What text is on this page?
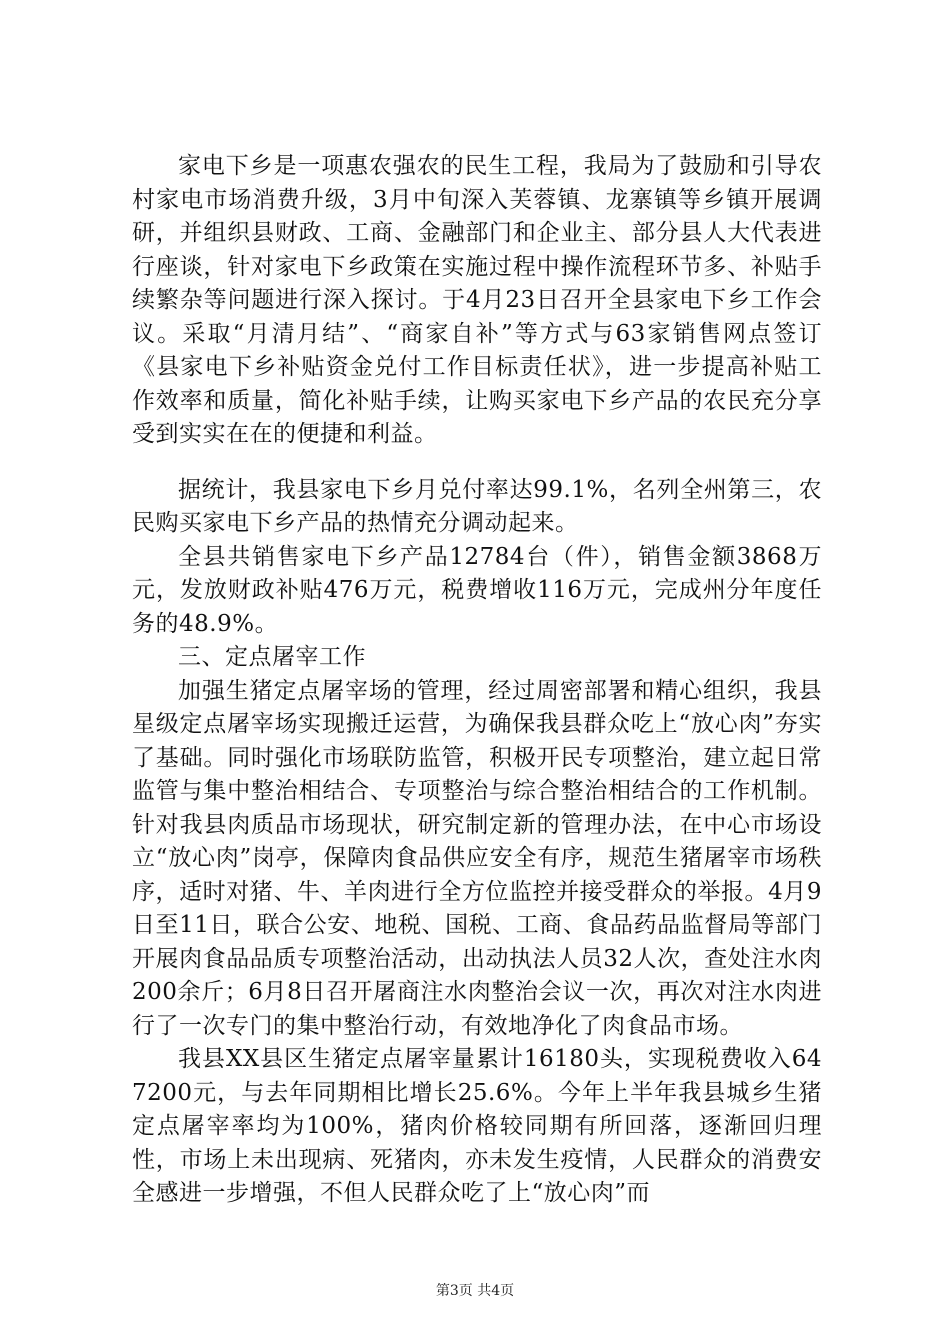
家电下乡是一项惠农强农的民生工程，我局为了鼓励和引导农村家电市场消费升级，3月中旬深入芙蓉镇、龙寨镇等乡镇开展调研，并组织县财政、工商、金融部门和企业主、部分县人大代表进行座谈，针对家电下乡政策在实施过程中操作流程环节多、补贴手续繁杂等问题进行深入探讨。于4月23日召开全县家电下乡工作会议。采取“月清月结”、“商家自补”等方式与63家销售网点签订《县家电下乡补贴资金兑付工作目标责任状》，进一步提高补贴工作效率和质量，简化补贴手续，让购买家电下乡产品的农民充分享受到实实在在的便捷和利益。

据统计，我县家电下乡月兑付率达99.1%，名列全州第三，农民购买家电下乡产品的热情充分调动起来。

全县共销售家电下乡产品12784台（件），销售金额3868万元，发放财政补贴476万元，税费增收116万元，完成州分年度任务的48.9%。

三、定点屠宰工作

加强生猪定点屠宰场的管理，经过周密部署和精心组织，我县星级定点屠宰场实现搬迁运营，为确保我县群众吃上“放心肉”夯实了基础。同时强化市场联防监管，积极开民专项整治，建立起日常监管与集中整治相结合、专项整治与综合整治相结合的工作机制。针对我县肉质品市场现状，研究制定新的管理办法，在中心市场设立“放心肉”岗亭，保障肉食品供应安全有序，规范生猪屠宰市场秩序，适时对猪、牛、羊肉进行全方位监控并接受群众的举报。4月9日至11日，联合公安、地税、国税、工商、食品药品监督局等部门开展肉食品品质专项整治活动，出动执法人员32人次，查处注水肉200余斤；6月8日召开屠商注水肉整治会议一次，再次对注水肉进行了一次专门的集中整治行动，有效地净化了肉食品市场。

我县XX县区生猪定点屠宰量累计16180头，实现税费收入647200元，与去年同期相比增长25.6%。今年上半年我县城乡生猪定点屠宰率均为100%，猪肉价格较同期有所回落，逐渐回归理性，市场上未出现病、死猪肉，亦未发生疫情，人民群众的消费安全感进一步增强，不但人民群众吃了上“放心肉”而

第3页 共4页
